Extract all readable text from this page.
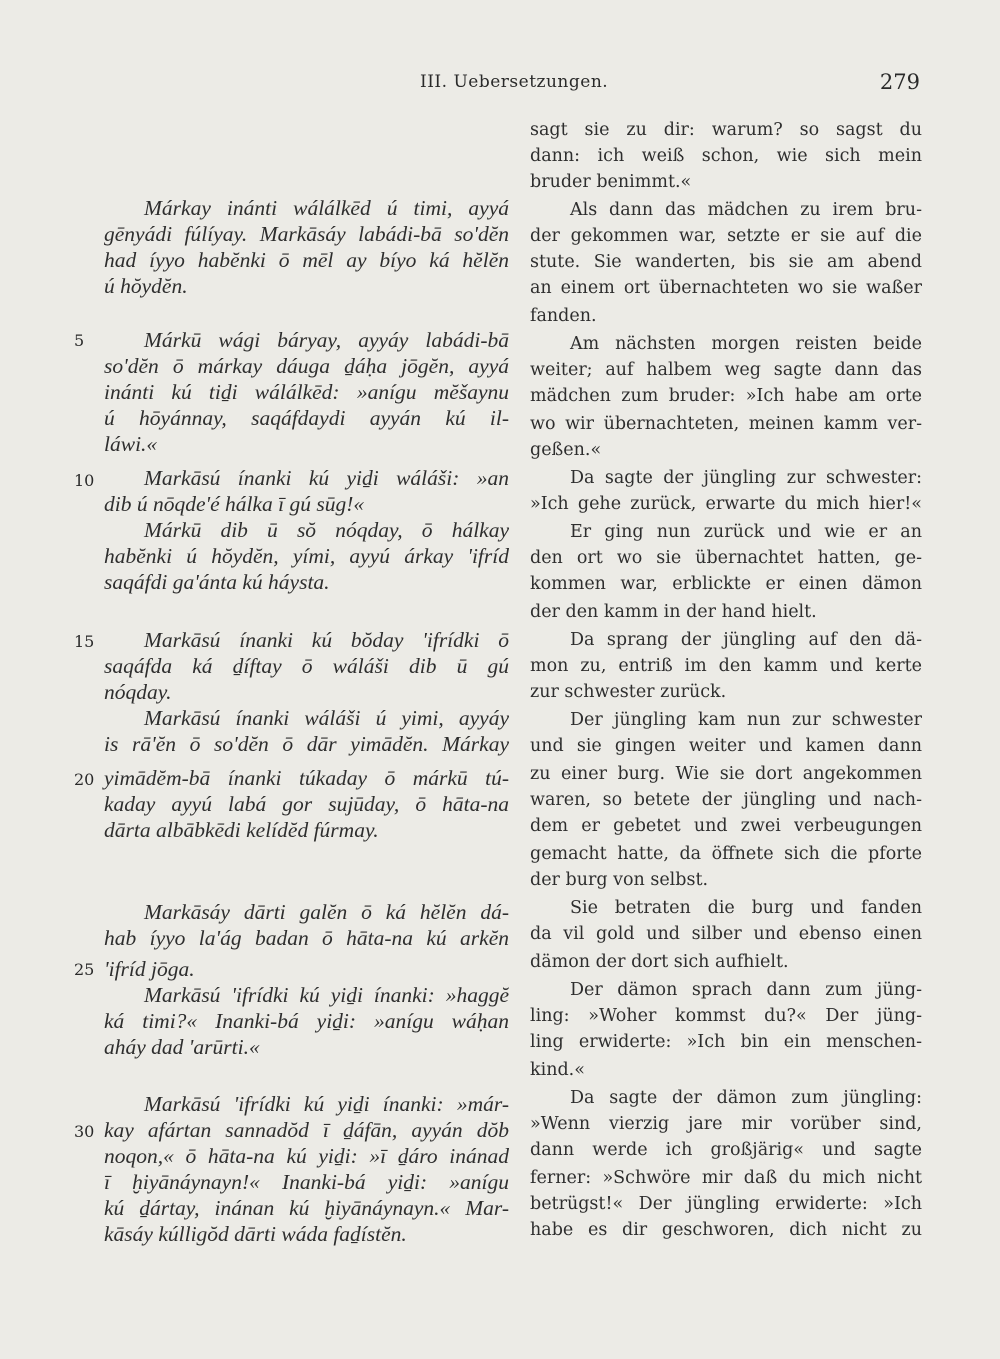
III. Uebersetzungen.	279
5
10
15
20
25
30
Márkay inánti wálálkēd ú timi, ayyá
gēnyádi fúlíyay. Markāsáy labádi-bā so'dĕn
had íyyo habĕnki ō mēl ay bíyo ká hĕlĕn
ú hŏydĕn.
Márkū wági báryay, ayyáy labádi-bā
so'dĕn ō márkay dáuga ḏáḥa jōgĕn, ayyá
inánti kú tiḏi wálálkēd: »anígu mĕšaynu
ú hōyánnay, saqáfdaydi ayyán kú il-
láwi.«
Markāsú ínanki kú yiḏi wáláši: »an
dib ú nōqde'é hálka ī gú sūg!«
Márkū dib ū sŏ nóqday, ō hálkay
habĕnki ú hŏydĕn, yími, ayyú árkay 'ifríd
saqáfdi ga'ánta kú háysta.
Markāsú ínanki kú bŏday 'ifrídki ō
saqáfda ká ḏíftay ō wáláši dib ū gú
nóqday.
Markāsú ínanki wáláši ú yimi, ayyáy
is rā'ĕn ō so'dĕn ō dār yimādĕn. Márkay
yimādĕm-bā ínanki túkaday ō márkū tú-
kaday ayyú labá gor sujūday, ō hāta-na
dārta albābkēdi kelídĕd fúrmay.
Markāsáy dārti galĕn ō ká hĕlĕn dá-
hab íyyo la'ág badan ō hāta-na kú arkĕn
'ifríd jōga.
Markāsú 'ifrídki kú yiḏi ínanki: »haggĕ
ká timi?« Inanki-bá yiḏi: »anígu wáḥan
aháy dad 'arūrti.«
Markāsú 'ifrídki kú yiḏi ínanki: »már-
kay afártan sannadŏd ī ḏáfān, ayyán dŏb
noqon,« ō hāta-na kú yiḏi: »ī ḏáro inánad
ī ḫiyānáynayn!« Inanki-bá yiḏi: »anígu
kú ḏártay, inánan kú ḫiyānáynayn.« Mar-
kāsáy kúlligŏd dārti wáda faḏístĕn.
sagt sie zu dir: warum? so sagst du
dann: ich weiß schon, wie sich mein
bruder benimmt.«
Als dann das mädchen zu irem bru-
der gekommen war, setzte er sie auf die
stute. Sie wanderten, bis sie am abend
an einem ort übernachteten wo sie waßer
fanden.
Am nächsten morgen reisten beide
weiter; auf halbem weg sagte dann das
mädchen zum bruder: »Ich habe am orte
wo wir übernachteten, meinen kamm ver-
geßen.«
Da sagte der jüngling zur schwester:
»Ich gehe zurück, erwarte du mich hier!«
Er ging nun zurück und wie er an
den ort wo sie übernachtet hatten, ge-
kommen war, erblickte er einen dämon
der den kamm in der hand hielt.
Da sprang der jüngling auf den dä-
mon zu, entriß im den kamm und kerte
zur schwester zurück.
Der jüngling kam nun zur schwester
und sie gingen weiter und kamen dann
zu einer burg. Wie sie dort angekommen
waren, so betete der jüngling und nach-
dem er gebetet und zwei verbeugungen
gemacht hatte, da öffnete sich die pforte
der burg von selbst.
Sie betraten die burg und fanden
da vil gold und silber und ebenso einen
dämon der dort sich aufhielt.
Der dämon sprach dann zum jüng-
ling: »Woher kommst du?« Der jüng-
ling erwiderte: »Ich bin ein menschen-
kind.«
Da sagte der dämon zum jüngling:
»Wenn vierzig jare mir vorüber sind,
dann werde ich großjärig« und sagte
ferner: »Schwöre mir daß du mich nicht
betrügst!« Der jüngling erwiderte: »Ich
habe es dir geschworen, dich nicht zu
